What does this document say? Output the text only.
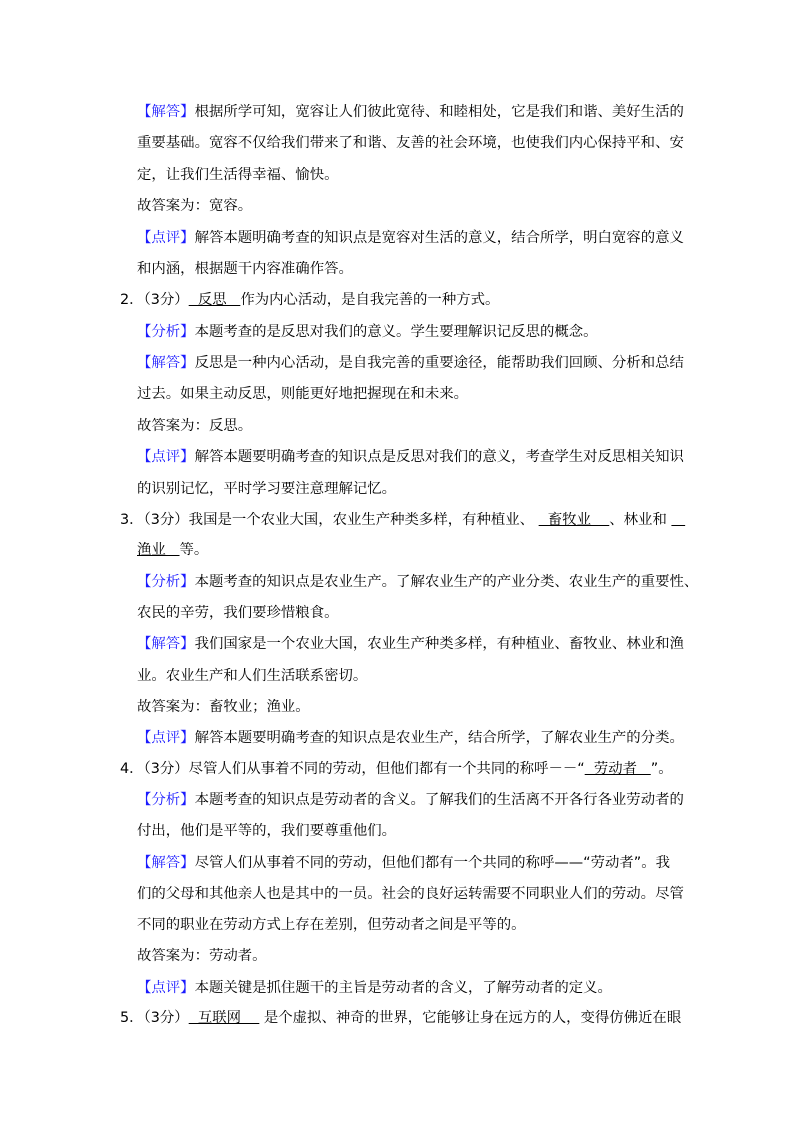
【解答】根据所学可知，宽容让人们彼此宽待、和睦相处，它是我们和谐、美好生活的
重要基础。宽容不仅给我们带来了和谐、友善的社会环境，也使我们内心保持平和、安
定，让我们生活得幸福、愉快。
故答案为：宽容。
【点评】解答本题明确考查的知识点是宽容对生活的意义，结合所学，明白宽容的意义
和内涵，根据题干内容准确作答。
2．（3分）  反思   作为内心活动，是自我完善的一种方式。
【分析】本题考查的是反思对我们的意义。学生要理解识记反思的概念。
【解答】反思是一种内心活动，是自我完善的重要途径，能帮助我们回顾、分析和总结
过去。如果主动反思，则能更好地把握现在和未来。
故答案为：反思。
【点评】解答本题要明确考查的知识点是反思对我们的意义，考查学生对反思相关知识
的识别记忆，平时学习要注意理解记忆。
3．（3分）我国是一个农业大国，农业生产种类多样，有种植业、   畜牧业    、林业和
渔业   等。
【分析】本题考查的知识点是农业生产。了解农业生产的产业分类、农业生产的重要性、
农民的辛劳，我们要珍惜粮食。
【解答】我们国家是一个农业大国，农业生产种类多样，有种植业、畜牧业、林业和渔
业。农业生产和人们生活联系密切。
故答案为：畜牧业；渔业。
【点评】解答本题要明确考查的知识点是农业生产，结合所学，了解农业生产的分类。
4．（3分）尽管人们从事着不同的劳动，但他们都有一个共同的称呼－－“  劳动者   ”。
【分析】本题考查的知识点是劳动者的含义。了解我们的生活离不开各行各业劳动者的
付出，他们是平等的，我们要尊重他们。
【解答】尽管人们从事着不同的劳动，但他们都有一个共同的称呼——“劳动者”。我
们的父母和其他亲人也是其中的一员。社会的良好运转需要不同职业人们的劳动。尽管
不同的职业在劳动方式上存在差别，但劳动者之间是平等的。
故答案为：劳动者。
【点评】本题关键是抓住题干的主旨是劳动者的含义，了解劳动者的定义。
5．（3分）  互联网     是个虚拟、神奇的世界，它能够让身在远方的人，变得仿佛近在眼
